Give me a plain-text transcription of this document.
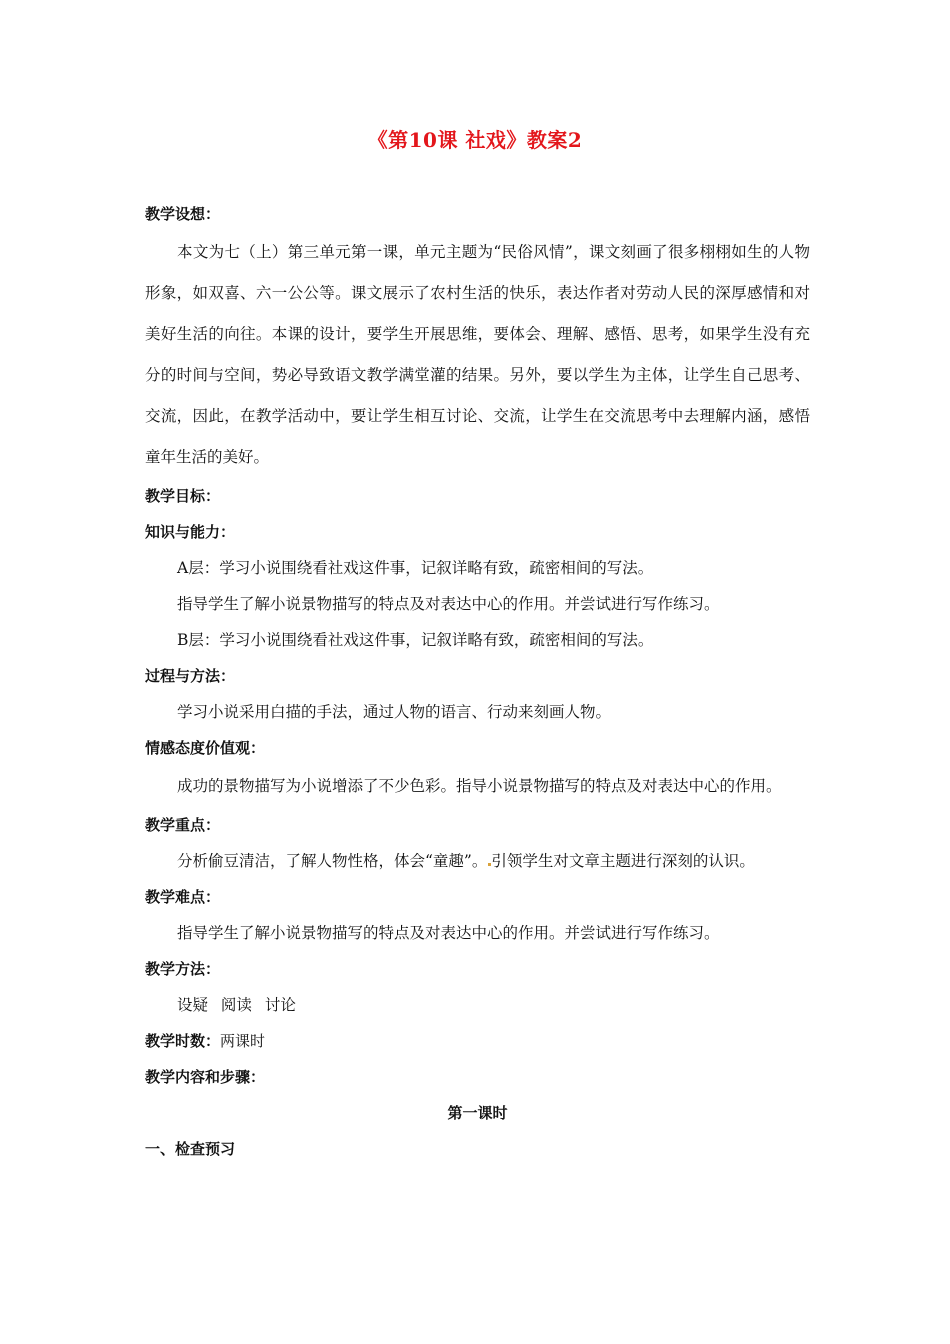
《第10课 社戏》教案2
教学设想：
本文为七（上）第三单元第一课，单元主题为“民俗风情”，课文刻画了很多栩栩如生的人物形象，如双喜、六一公公等。课文展示了农村生活的快乐，表达作者对劳动人民的深厚感情和对美好生活的向往。本课的设计，要学生开展思维，要体会、理解、感悟、思考，如果学生没有充分的时间与空间，势必导致语文教学满堂灌的结果。另外，要以学生为主体，让学生自己思考、交流，因此，在教学活动中，要让学生相互讨论、交流，让学生在交流思考中去理解内涵，感悟童年生活的美好。
教学目标：
知识与能力：
A层：学习小说围绕看社戏这件事，记叙详略有致，疏密相间的写法。
指导学生了解小说景物描写的特点及对表达中心的作用。并尝试进行写作练习。
B层：学习小说围绕看社戏这件事，记叙详略有致，疏密相间的写法。
过程与方法：
学习小说采用白描的手法，通过人物的语言、行动来刻画人物。
情感态度价值观：
成功的景物描写为小说增添了不少色彩。指导小说景物描写的特点及对表达中心的作用。
教学重点：
分析偷豆清洁，了解人物性格，体会“童趣”。 引领学生对文章主题进行深刻的认识。
教学难点：
指导学生了解小说景物描写的特点及对表达中心的作用。并尝试进行写作练习。
教学方法：
设疑 阅读 讨论
教学时数：两课时
教学内容和步骤：
第一课时
一、检查预习
